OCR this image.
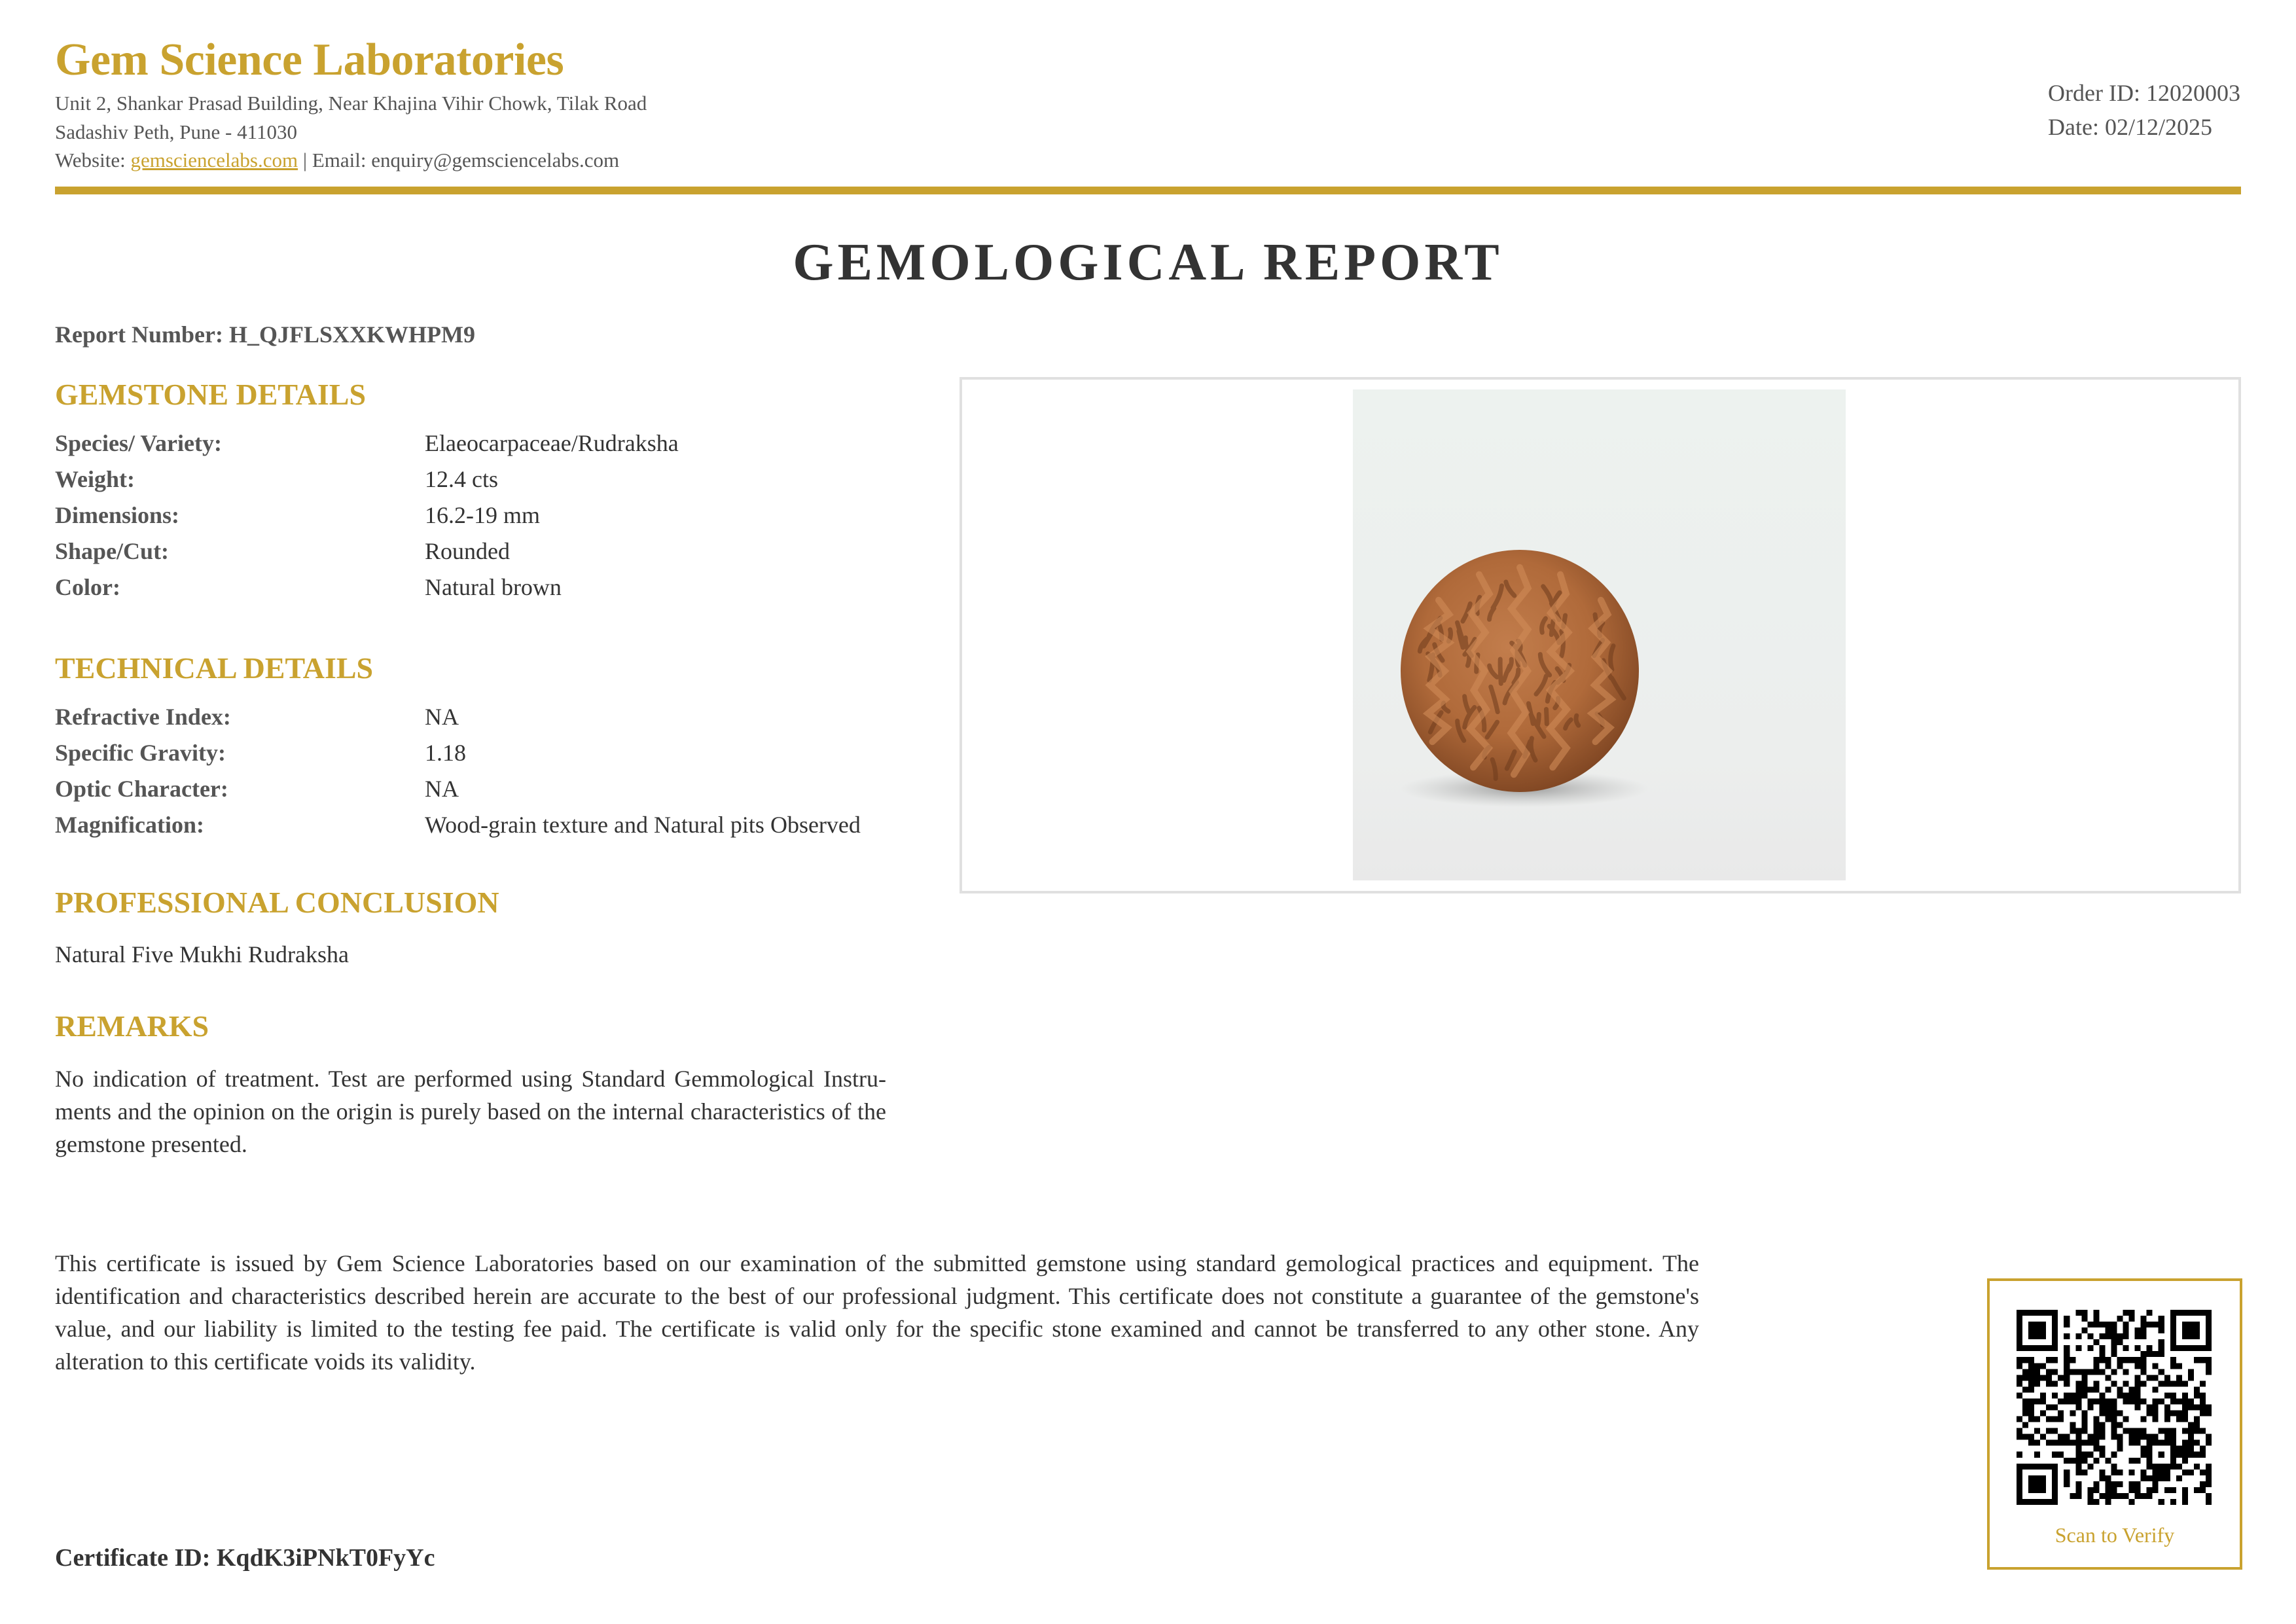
Gem Science Laboratories
Unit 2, Shankar Prasad Building, Near Khajina Vihir Chowk, Tilak Road
Sadashiv Peth, Pune - 411030
Website: gemsciencelabs.com | Email: enquiry@gemsciencelabs.com
Order ID: 12020003
Date: 02/12/2025
GEMOLOGICAL REPORT
Report Number: H_QJFLSXXKWHPM9
GEMSTONE DETAILS
Species/ Variety:	Elaeocarpaceae/Rudraksha
Weight:	12.4 cts
Dimensions:	16.2-19 mm
Shape/Cut:	Rounded
Color:	Natural brown
TECHNICAL DETAILS
Refractive Index:	NA
Specific Gravity:	1.18
Optic Character:	NA
Magnification:	Wood-grain texture and Natural pits Observed
PROFESSIONAL CONCLUSION
Natural Five Mukhi Rudraksha
REMARKS
No indication of treatment. Test are performed using Standard Gemmological Instruments and the opinion on the origin is purely based on the internal characteristics of the gemstone presented.
This certificate is issued by Gem Science Laboratories based on our examination of the submitted gemstone using standard gemological practices and equipment. The identification and characteristics described herein are accurate to the best of our professional judgment. This certificate does not constitute a guarantee of the gemstone's value, and our liability is limited to the testing fee paid. The certificate is valid only for the specific stone examined and cannot be transferred to any other stone. Any alteration to this certificate voids its validity.
Certificate ID: KqdK3iPNkT0FyYc
Scan to Verify
